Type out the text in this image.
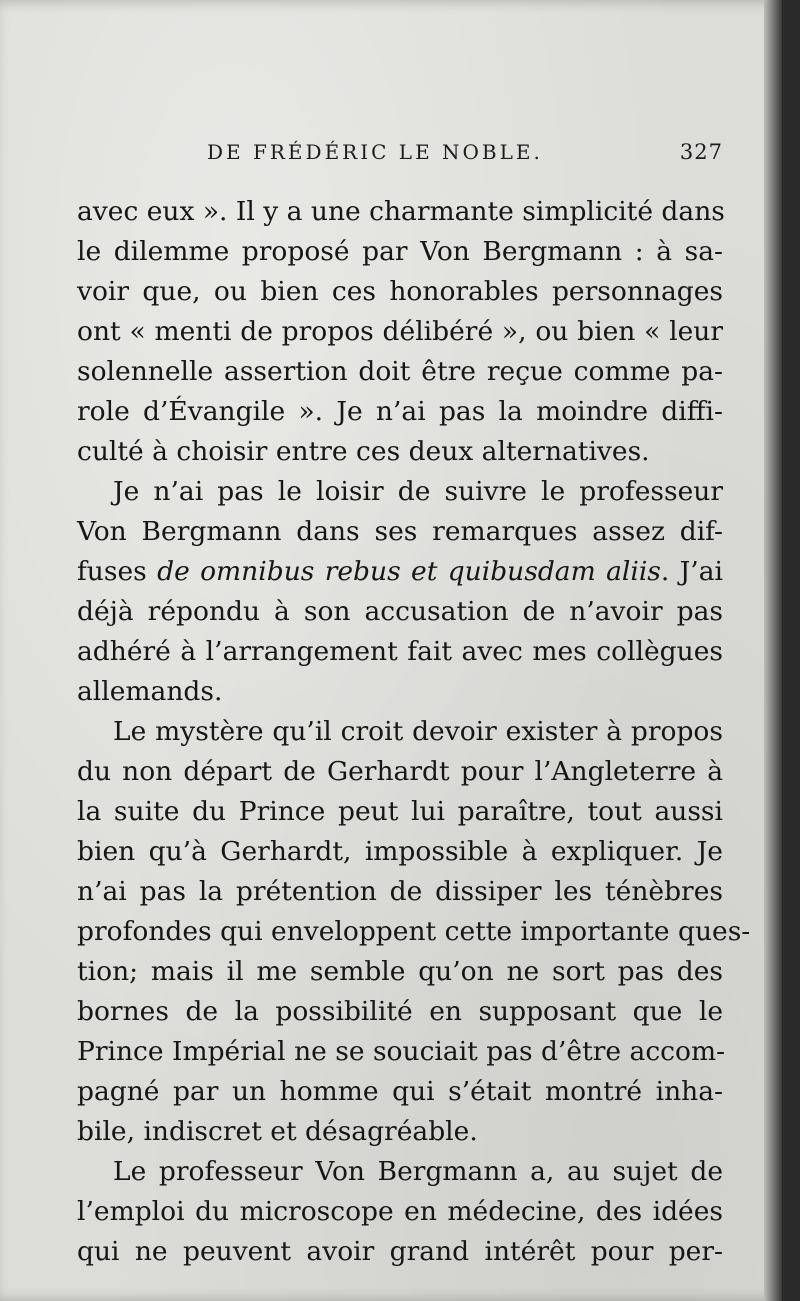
DE FRÉDÉRIC LE NOBLE.	327
avec eux ». Il y a une charmante simplicité dans
le dilemme proposé par Von Bergmann : à sa-
voir que, ou bien ces honorables personnages
ont « menti de propos délibéré », ou bien « leur
solennelle assertion doit être reçue comme pa-
role d’Évangile ». Je n’ai pas la moindre diffi-
culté à choisir entre ces deux alternatives.
Je n’ai pas le loisir de suivre le professeur
Von Bergmann dans ses remarques assez dif-
fuses de omnibus rebus et quibusdam aliis. J’ai
déjà répondu à son accusation de n’avoir pas
adhéré à l’arrangement fait avec mes collègues
allemands.
Le mystère qu’il croit devoir exister à propos
du non départ de Gerhardt pour l’Angleterre à
la suite du Prince peut lui paraître, tout aussi
bien qu’à Gerhardt, impossible à expliquer. Je
n’ai pas la prétention de dissiper les ténèbres
profondes qui enveloppent cette importante ques-
tion; mais il me semble qu’on ne sort pas des
bornes de la possibilité en supposant que le
Prince Impérial ne se souciait pas d’être accom-
pagné par un homme qui s’était montré inha-
bile, indiscret et désagréable.
Le professeur Von Bergmann a, au sujet de
l’emploi du microscope en médecine, des idées
qui ne peuvent avoir grand intérêt pour per-
